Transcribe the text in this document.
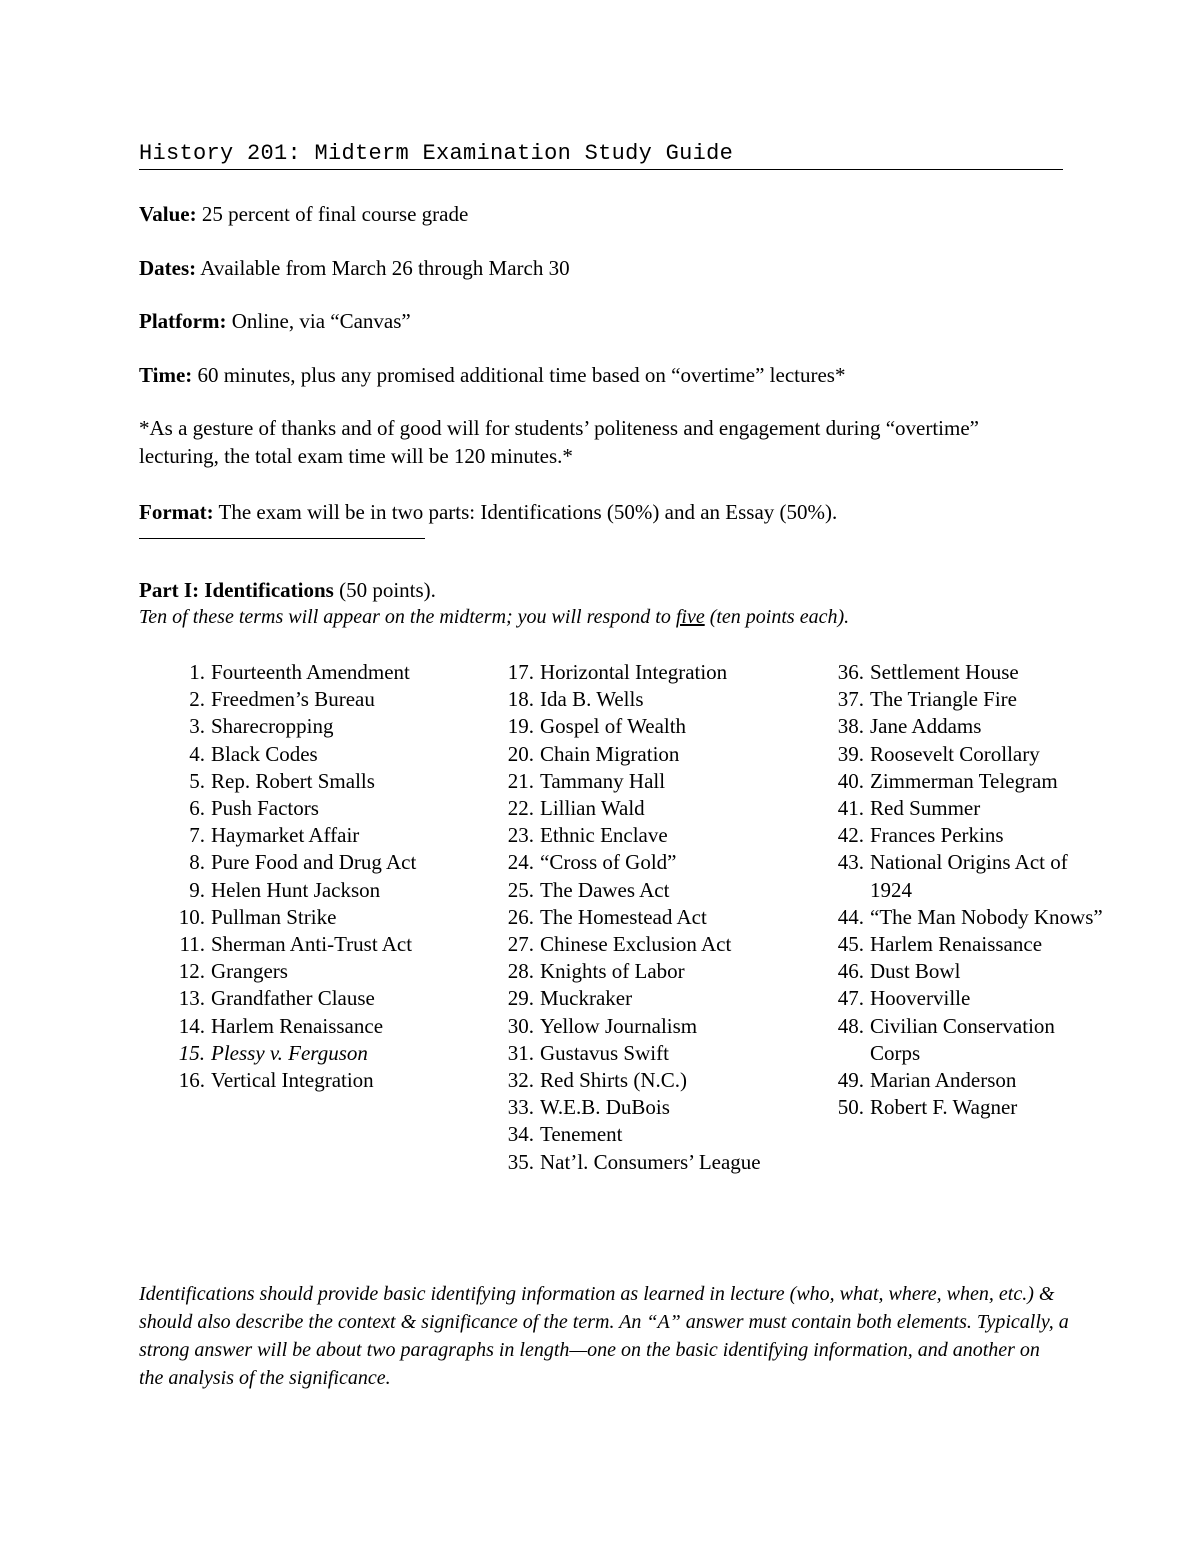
History 201: Midterm Examination Study Guide
Value: 25 percent of final course grade
Dates: Available from March 26 through March 30
Platform: Online, via “Canvas”
Time: 60 minutes, plus any promised additional time based on “overtime” lectures*
*As a gesture of thanks and of good will for students’ politeness and engagement during “overtime” lecturing, the total exam time will be 120 minutes.*
Format: The exam will be in two parts: Identifications (50%) and an Essay (50%).
Part I: Identifications (50 points).
Ten of these terms will appear on the midterm; you will respond to five (ten points each).
1. Fourteenth Amendment
2. Freedmen’s Bureau
3. Sharecropping
4. Black Codes
5. Rep. Robert Smalls
6. Push Factors
7. Haymarket Affair
8. Pure Food and Drug Act
9. Helen Hunt Jackson
10. Pullman Strike
11. Sherman Anti-Trust Act
12. Grangers
13. Grandfather Clause
14. Harlem Renaissance
15. Plessy v. Ferguson
16. Vertical Integration
17. Horizontal Integration
18. Ida B. Wells
19. Gospel of Wealth
20. Chain Migration
21. Tammany Hall
22. Lillian Wald
23. Ethnic Enclave
24. “Cross of Gold”
25. The Dawes Act
26. The Homestead Act
27. Chinese Exclusion Act
28. Knights of Labor
29. Muckraker
30. Yellow Journalism
31. Gustavus Swift
32. Red Shirts (N.C.)
33. W.E.B. DuBois
34. Tenement
35. Nat’l. Consumers’ League
36. Settlement House
37. The Triangle Fire
38. Jane Addams
39. Roosevelt Corollary
40. Zimmerman Telegram
41. Red Summer
42. Frances Perkins
43. National Origins Act of 1924
44. “The Man Nobody Knows”
45. Harlem Renaissance
46. Dust Bowl
47. Hooverville
48. Civilian Conservation Corps
49. Marian Anderson
50. Robert F. Wagner
Identifications should provide basic identifying information as learned in lecture (who, what, where, when, etc.) & should also describe the context & significance of the term. An “A” answer must contain both elements. Typically, a strong answer will be about two paragraphs in length—one on the basic identifying information, and another on the analysis of the significance.
